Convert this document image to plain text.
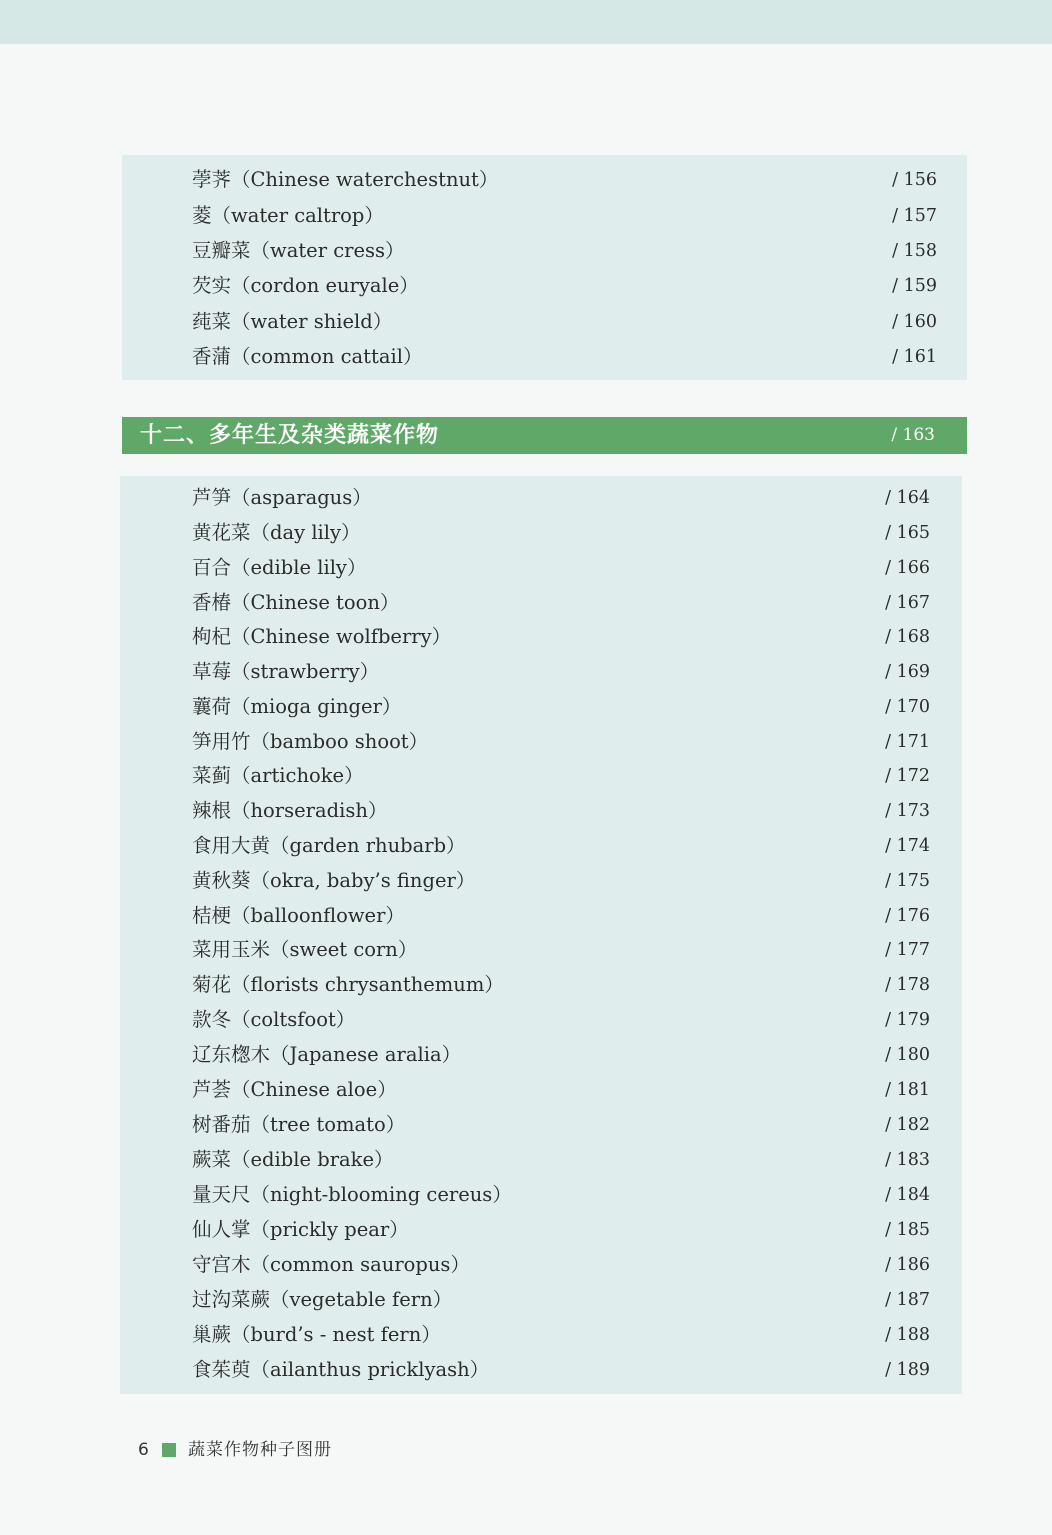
荸荠（Chinese waterchestnut）	/ 156
菱（water caltrop）	/ 157
豆瓣菜（water cress）	/ 158
芡实（cordon euryale）	/ 159
莼菜（water shield）	/ 160
香蒲（common cattail）	/ 161
十二、多年生及杂类蔬菜作物	/ 163
芦笋（asparagus）	/ 164
黄花菜（day lily）	/ 165
百合（edible lily）	/ 166
香椿（Chinese toon）	/ 167
枸杞（Chinese wolfberry）	/ 168
草莓（strawberry）	/ 169
蘘荷（mioga ginger）	/ 170
笋用竹（bamboo shoot）	/ 171
菜蓟（artichoke）	/ 172
辣根（horseradish）	/ 173
食用大黄（garden rhubarb）	/ 174
黄秋葵（okra, baby’s finger）	/ 175
桔梗（balloonflower）	/ 176
菜用玉米（sweet corn）	/ 177
菊花（florists chrysanthemum）	/ 178
款冬（coltsfoot）	/ 179
辽东楤木（Japanese aralia）	/ 180
芦荟（Chinese aloe）	/ 181
树番茄（tree tomato）	/ 182
蕨菜（edible brake）	/ 183
量天尺（night-blooming cereus）	/ 184
仙人掌（prickly pear）	/ 185
守宫木（common sauropus）	/ 186
过沟菜蕨（vegetable fern）	/ 187
巢蕨（burd’s - nest fern）	/ 188
食茱萸（ailanthus pricklyash）	/ 189
6 蔬菜作物种子图册
